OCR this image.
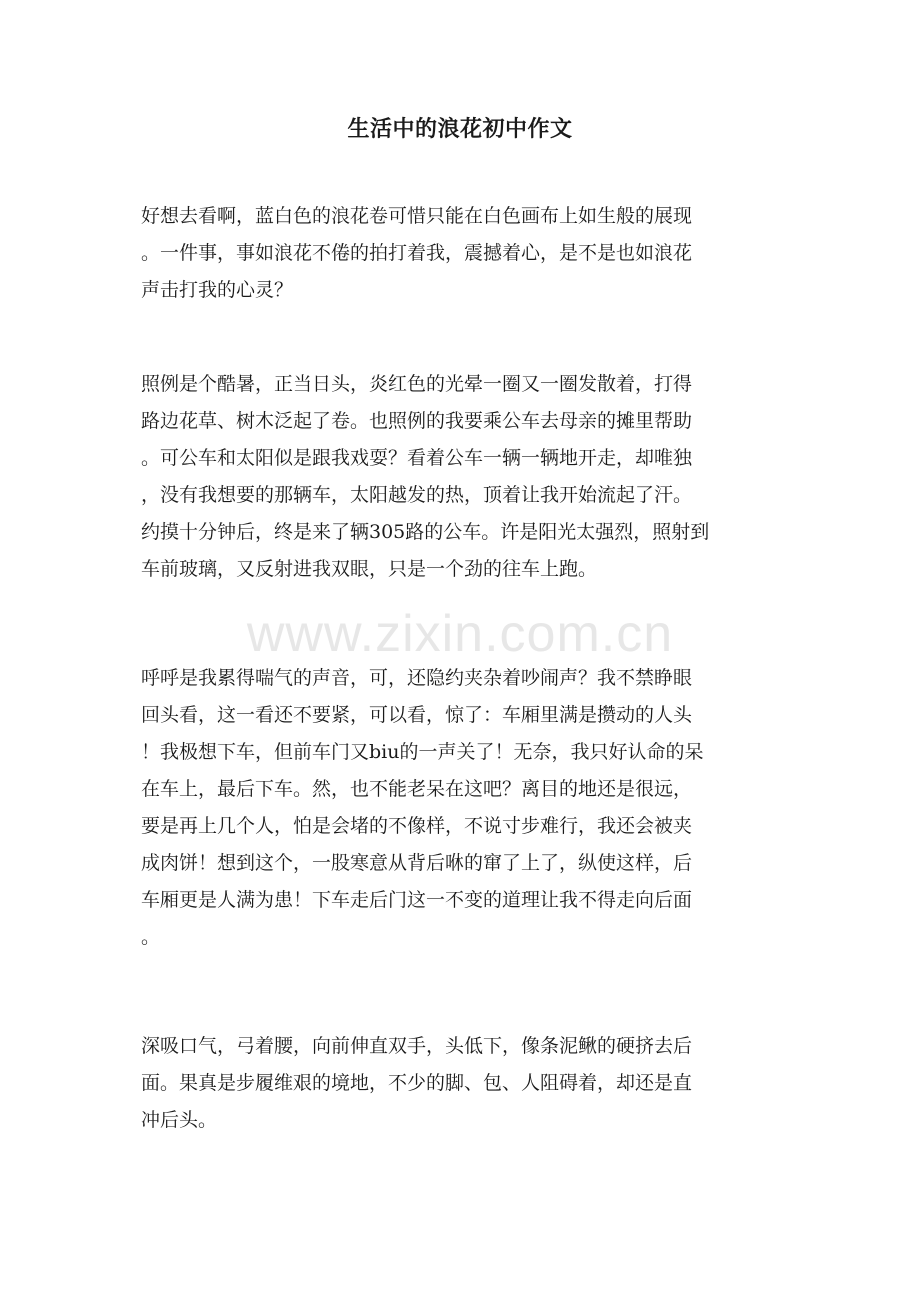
生活中的浪花初中作文
www.zixin.com.cn
好想去看啊，蓝白色的浪花卷可惜只能在白色画布上如生般的展现
。一件事，事如浪花不倦的拍打着我，震撼着心，是不是也如浪花
声击打我的心灵？
照例是个酷暑，正当日头，炎红色的光晕一圈又一圈发散着，打得
路边花草、树木泛起了卷。也照例的我要乘公车去母亲的摊里帮助
。可公车和太阳似是跟我戏耍？看着公车一辆一辆地开走，却唯独
，没有我想要的那辆车，太阳越发的热，顶着让我开始流起了汗。
约摸十分钟后，终是来了辆305路的公车。许是阳光太强烈，照射到
车前玻璃，又反射进我双眼，只是一个劲的往车上跑。
呼呼是我累得喘气的声音，可，还隐约夹杂着吵闹声？我不禁睁眼
回头看，这一看还不要紧，可以看，惊了：车厢里满是攒动的人头
！我极想下车，但前车门又biu的一声关了！无奈，我只好认命的呆
在车上，最后下车。然，也不能老呆在这吧？离目的地还是很远，
要是再上几个人，怕是会堵的不像样，不说寸步难行，我还会被夹
成肉饼！想到这个，一股寒意从背后咻的窜了上了，纵使这样，后
车厢更是人满为患！下车走后门这一不变的道理让我不得走向后面
。
深吸口气，弓着腰，向前伸直双手，头低下，像条泥鳅的硬挤去后
面。果真是步履维艰的境地，不少的脚、包、人阻碍着，却还是直
冲后头。
